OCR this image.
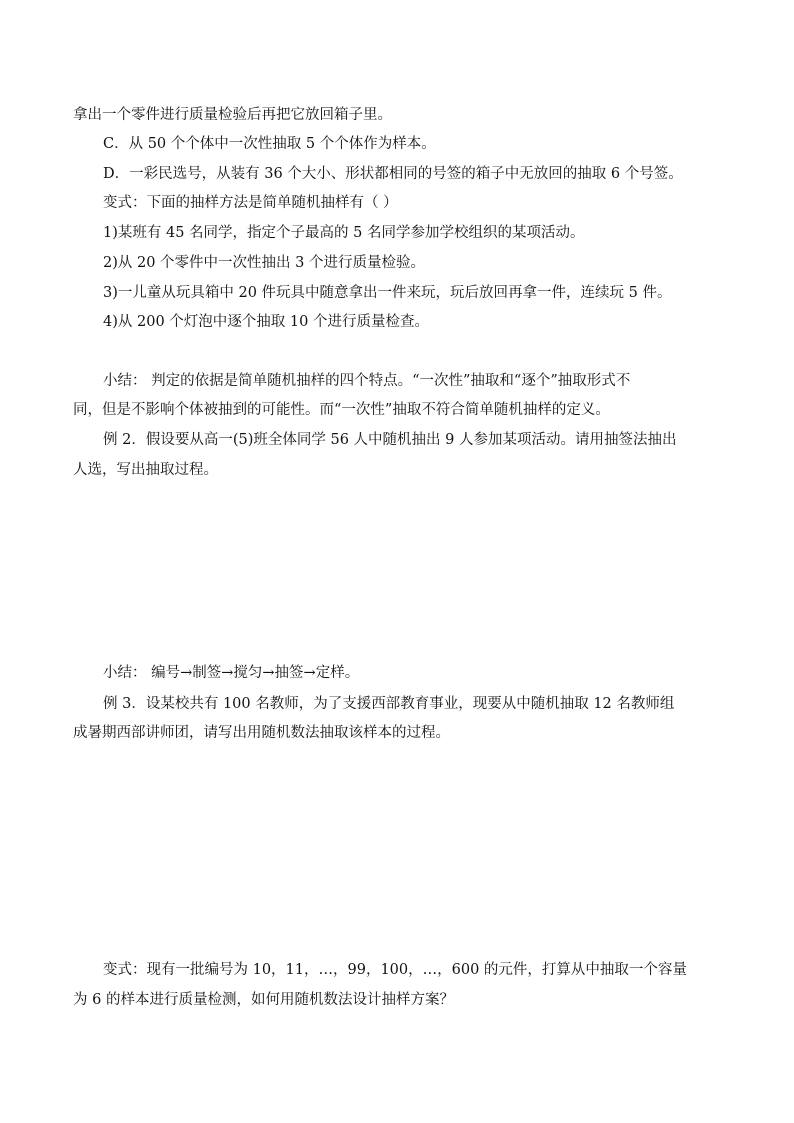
拿出一个零件进行质量检验后再把它放回箱子里。

C．从 50 个个体中一次性抽取 5 个个体作为样本。

D．一彩民选号，从装有 36 个大小、形状都相同的号签的箱子中无放回的抽取 6 个号签。

变式：下面的抽样方法是简单随机抽样有（ ）

1)某班有 45 名同学，指定个子最高的 5 名同学参加学校组织的某项活动。

2)从 20 个零件中一次性抽出 3 个进行质量检验。

3)一儿童从玩具箱中 20 件玩具中随意拿出一件来玩，玩后放回再拿一件，连续玩 5 件。

4)从 200 个灯泡中逐个抽取 10 个进行质量检查。

小结： 判定的依据是简单随机抽样的四个特点。“一次性”抽取和“逐个”抽取形式不

同，但是不影响个体被抽到的可能性。而“一次性”抽取不符合简单随机抽样的定义。

例 2．假设要从高一(5)班全体同学 56 人中随机抽出 9 人参加某项活动。请用抽签法抽出

人选，写出抽取过程。

小结： 编号→制签→搅匀→抽签→定样。

例 3．设某校共有 100 名教师，为了支援西部教育事业，现要从中随机抽取 12 名教师组

成暑期西部讲师团，请写出用随机数法抽取该样本的过程。

变式：现有一批编号为 10，11，…，99，100，…，600 的元件，打算从中抽取一个容量

为 6 的样本进行质量检测，如何用随机数法设计抽样方案？
